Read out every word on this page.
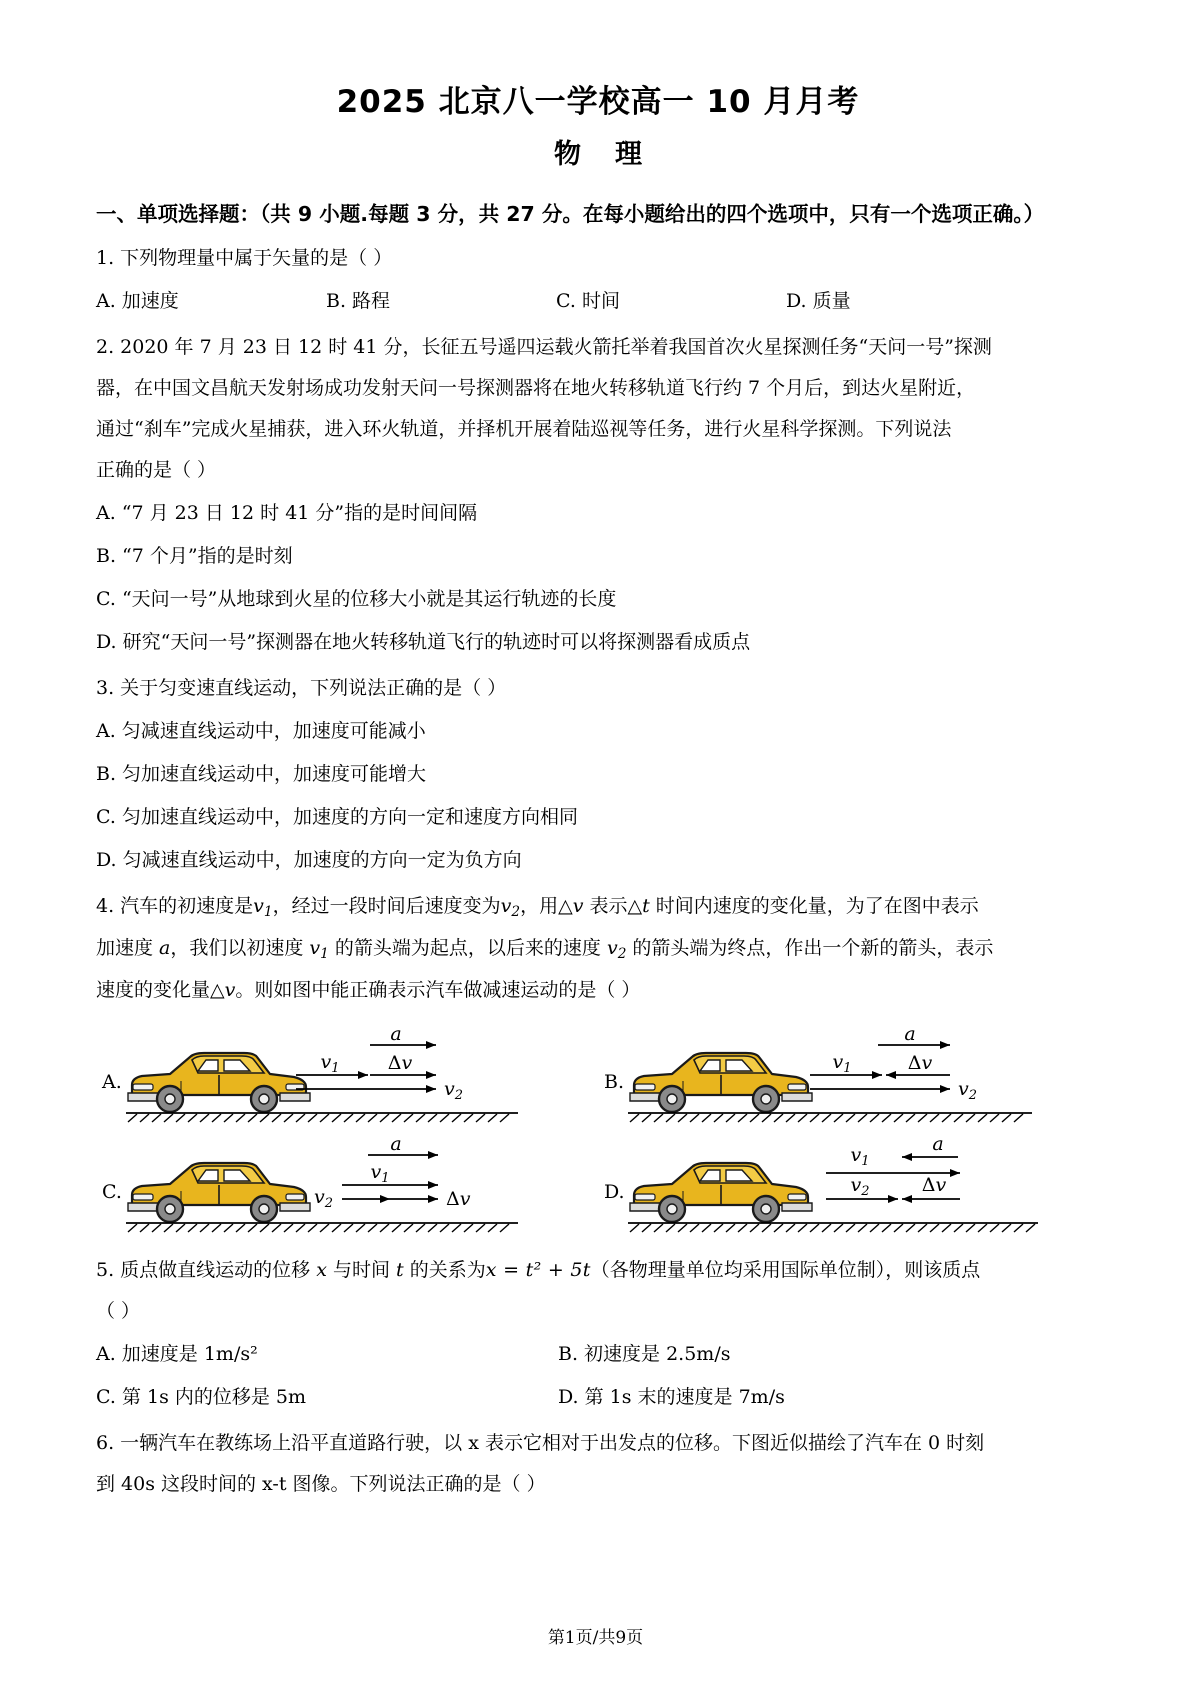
2025 北京八一学校高一 10 月月考
物 理
一、单项选择题：（共 9 小题.每题 3 分，共 27 分。在每小题给出的四个选项中，只有一个选项正确。）
1. 下列物理量中属于矢量的是（ ）
A. 加速度	B. 路程	C. 时间	D. 质量
2. 2020 年 7 月 23 日 12 时 41 分，长征五号遥四运载火箭托举着我国首次火星探测任务“天问一号”探测
器，在中国文昌航天发射场成功发射天问一号探测器将在地火转移轨道飞行约 7 个月后，到达火星附近，
通过“刹车”完成火星捕获，进入环火轨道，并择机开展着陆巡视等任务，进行火星科学探测。下列说法
正确的是（ ）
A. “7 月 23 日 12 时 41 分”指的是时间间隔
B. “7 个月”指的是时刻
C. “天问一号”从地球到火星的位移大小就是其运行轨迹的长度
D. 研究“天问一号”探测器在地火转移轨道飞行的轨迹时可以将探测器看成质点
3. 关于匀变速直线运动，下列说法正确的是（ ）
A. 匀减速直线运动中，加速度可能减小
B. 匀加速直线运动中，加速度可能增大
C. 匀加速直线运动中，加速度的方向一定和速度方向相同
D. 匀减速直线运动中，加速度的方向一定为负方向
4. 汽车的初速度是$v_1$，经过一段时间后速度变为$v_2$，用△v 表示△t 时间内速度的变化量，为了在图中表示
加速度 a，我们以初速度 $v_1$ 的箭头端为起点，以后来的速度 $v_2$ 的箭头端为终点，作出一个新的箭头，表示
速度的变化量△v。则如图中能正确表示汽车做减速运动的是（ ）
A.
a
$v_1$	Δv
$v_2$
B.
a
$v_1$	Δv
$v_2$
C.
a
$v_2$
$v_1$
Δv	D.
a
$v_1$
$v_2$	Δv
5. 质点做直线运动的位移 x 与时间 t 的关系为x = t² + 5t（各物理量单位均采用国际单位制），则该质点
（ ）
A. 加速度是 1m/s²	B. 初速度是 2.5m/s
C. 第 1s 内的位移是 5m	D. 第 1s 末的速度是 7m/s
6. 一辆汽车在教练场上沿平直道路行驶，以 x 表示它相对于出发点的位移。下图近似描绘了汽车在 0 时刻
到 40s 这段时间的 x-t 图像。下列说法正确的是（ ）
第1页/共9页
